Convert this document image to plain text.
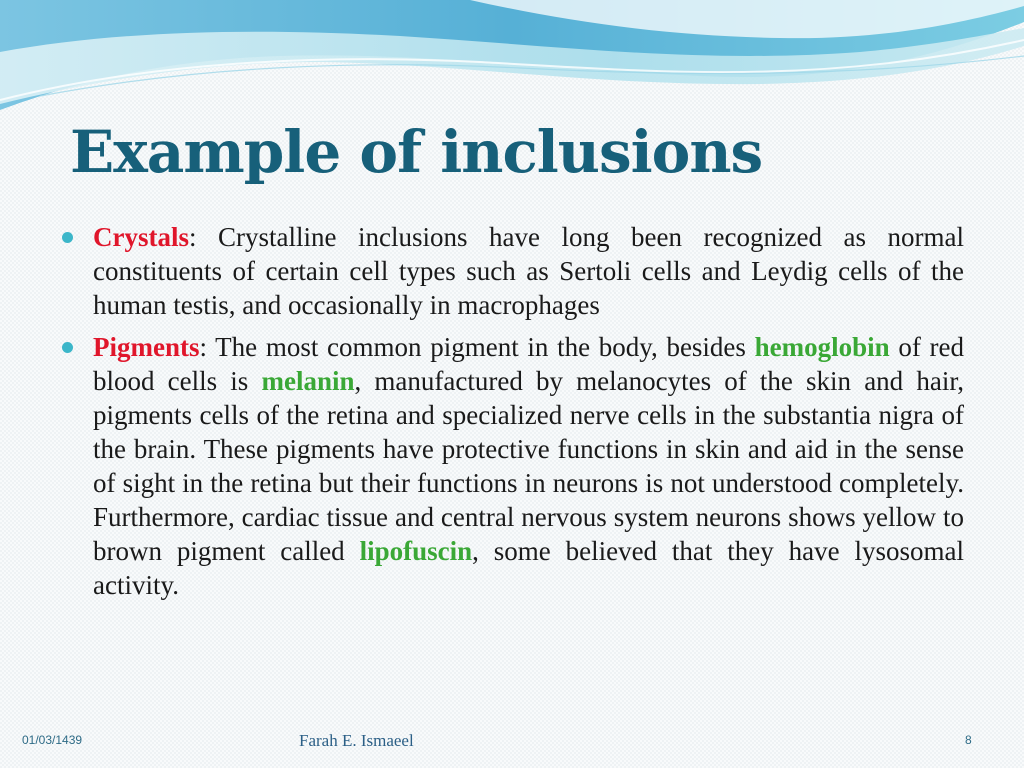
Example of inclusions
Crystals: Crystalline inclusions have long been recognized as normal constituents of certain cell types such as Sertoli cells and Leydig cells of the human testis, and occasionally in macrophages
Pigments: The most common pigment in the body, besides hemoglobin of red blood cells is melanin, manufactured by melanocytes of the skin and hair, pigments cells of the retina and specialized nerve cells in the substantia nigra of the brain. These pigments have protective functions in skin and aid in the sense of sight in the retina but their functions in neurons is not understood completely. Furthermore, cardiac tissue and central nervous system neurons shows yellow to brown pigment called lipofuscin, some believed that they have lysosomal activity.
01/03/1439	Farah E. Ismaeel	8
